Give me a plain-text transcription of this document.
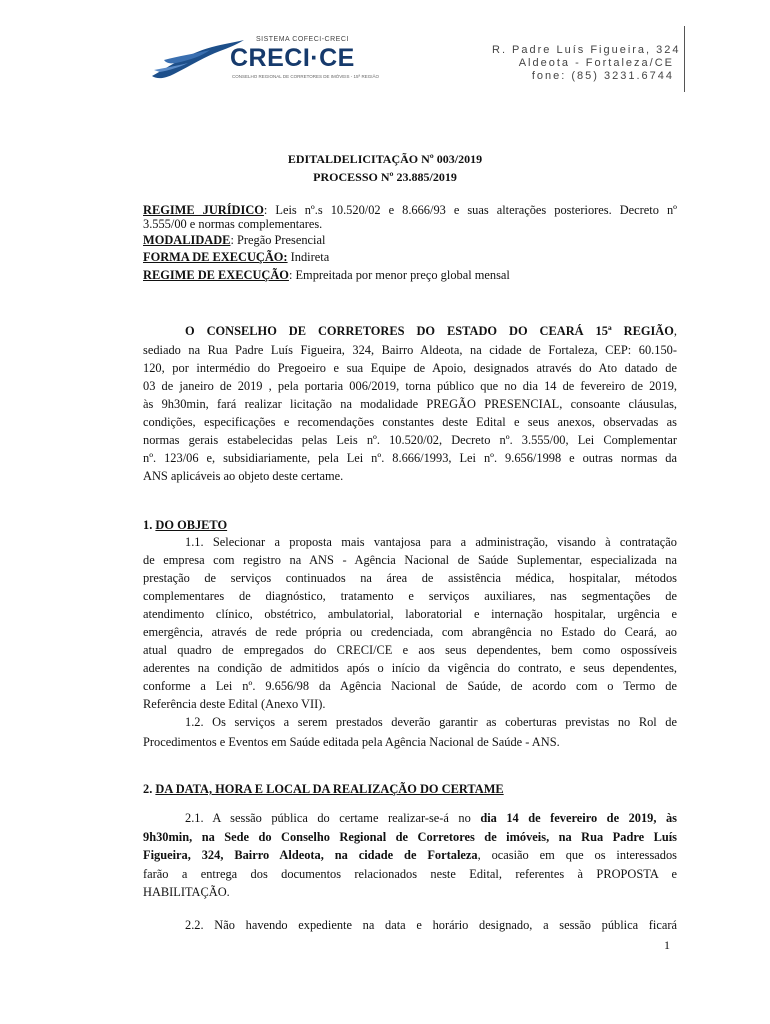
SISTEMA COFECI-CRECI
CRECI·CE
CONSELHO REGIONAL DE CORRETORES DE IMÓVEIS - 15ª REGIÃO
R. Padre Luís Figueira, 324
Aldeota - Fortaleza/CE
fone: (85) 3231.6744
EDITALDELICITAÇÃO Nº 003/2019
PROCESSO Nº 23.885/2019
REGIME JURÍDICO: Leis nº.s 10.520/02 e 8.666/93 e suas alterações posteriores. Decreto nº
3.555/00 e normas complementares.
MODALIDADE: Pregão Presencial
FORMA DE EXECUÇÃO: Indireta
REGIME DE EXECUÇÃO: Empreitada por menor preço global mensal
O CONSELHO DE CORRETORES DO ESTADO DO CEARÁ 15ª REGIÃO,
sediado na Rua Padre Luís Figueira, 324, Bairro Aldeota, na cidade de Fortaleza, CEP: 60.150-
120, por intermédio do Pregoeiro e sua Equipe de Apoio, designados através do Ato datado de
03 de janeiro de 2019 , pela portaria 006/2019, torna público que no dia 14 de fevereiro de 2019,
às 9h30min, fará realizar licitação na modalidade PREGÃO PRESENCIAL, consoante cláusulas,
condições, especificações e recomendações constantes deste Edital e seus anexos, observadas as
normas gerais estabelecidas pelas Leis nº. 10.520/02, Decreto nº. 3.555/00, Lei Complementar
nº. 123/06 e, subsidiariamente, pela Lei nº. 8.666/1993, Lei nº. 9.656/1998 e outras normas da
ANS aplicáveis ao objeto deste certame.
1. DO OBJETO
1.1. Selecionar a proposta mais vantajosa para a administração, visando à contratação
de empresa com registro na ANS - Agência Nacional de Saúde Suplementar, especializada na
prestação de serviços continuados na área de assistência médica, hospitalar, métodos
complementares de diagnóstico, tratamento e serviços auxiliares, nas segmentações de
atendimento clínico, obstétrico, ambulatorial, laboratorial e internação hospitalar, urgência e
emergência, através de rede própria ou credenciada, com abrangência no Estado do Ceará, ao
atual quadro de empregados do CRECI/CE e aos seus dependentes, bem como ospossíveis
aderentes na condição de admitidos após o início da vigência do contrato, e seus dependentes,
conforme a Lei nº. 9.656/98 da Agência Nacional de Saúde, de acordo com o Termo de
Referência deste Edital (Anexo VII).
1.2. Os serviços a serem prestados deverão garantir as coberturas previstas no Rol de
Procedimentos e Eventos em Saúde editada pela Agência Nacional de Saúde - ANS.
2. DA DATA, HORA E LOCAL DA REALIZAÇÃO DO CERTAME
2.1. A sessão pública do certame realizar-se-á no dia 14 de fevereiro de 2019, às
9h30min, na Sede do Conselho Regional de Corretores de imóveis, na Rua Padre Luís
Figueira, 324, Bairro Aldeota, na cidade de Fortaleza, ocasião em que os interessados
farão a entrega dos documentos relacionados neste Edital, referentes à PROPOSTA e
HABILITAÇÃO.
2.2. Não havendo expediente na data e horário designado, a sessão pública ficará
1
